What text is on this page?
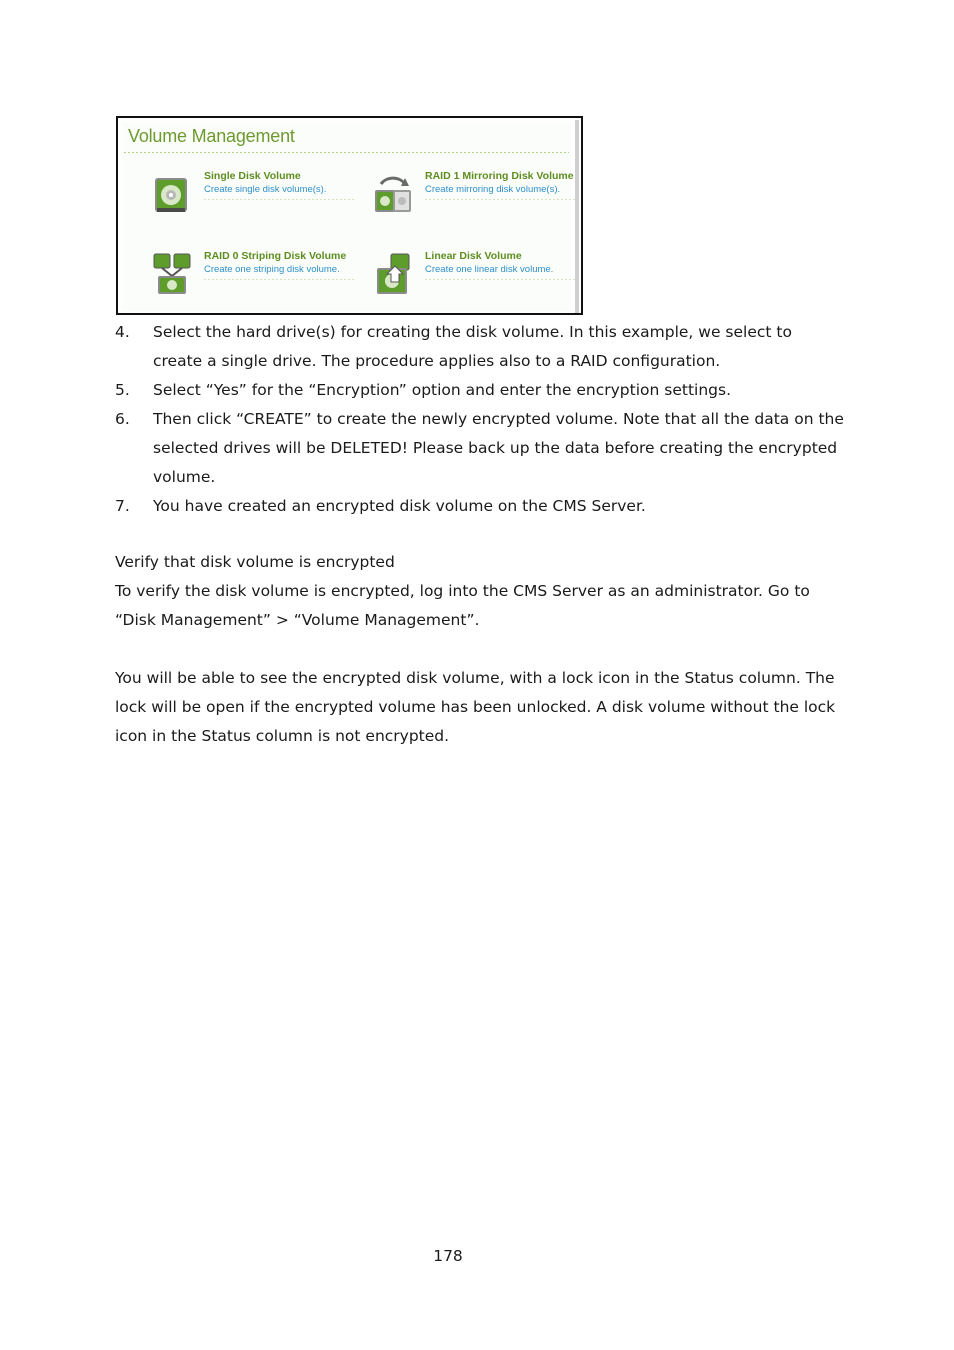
Volume Management
Single Disk Volume
Create single disk volume(s).
RAID 1 Mirroring Disk Volume
Create mirroring disk volume(s).
RAID 0 Striping Disk Volume
Create one striping disk volume.
Linear Disk Volume
Create one linear disk volume.
4. Select the hard drive(s) for creating the disk volume. In this example, we select to create a single drive. The procedure applies also to a RAID configuration.
5. Select “Yes” for the “Encryption” option and enter the encryption settings.
6. Then click “CREATE” to create the newly encrypted volume. Note that all the data on the selected drives will be DELETED! Please back up the data before creating the encrypted volume.
7. You have created an encrypted disk volume on the CMS Server.

Verify that disk volume is encrypted

To verify the disk volume is encrypted, log into the CMS Server as an administrator. Go to “Disk Management” > “Volume Management”.

You will be able to see the encrypted disk volume, with a lock icon in the Status column. The lock will be open if the encrypted volume has been unlocked. A disk volume without the lock icon in the Status column is not encrypted.

178
